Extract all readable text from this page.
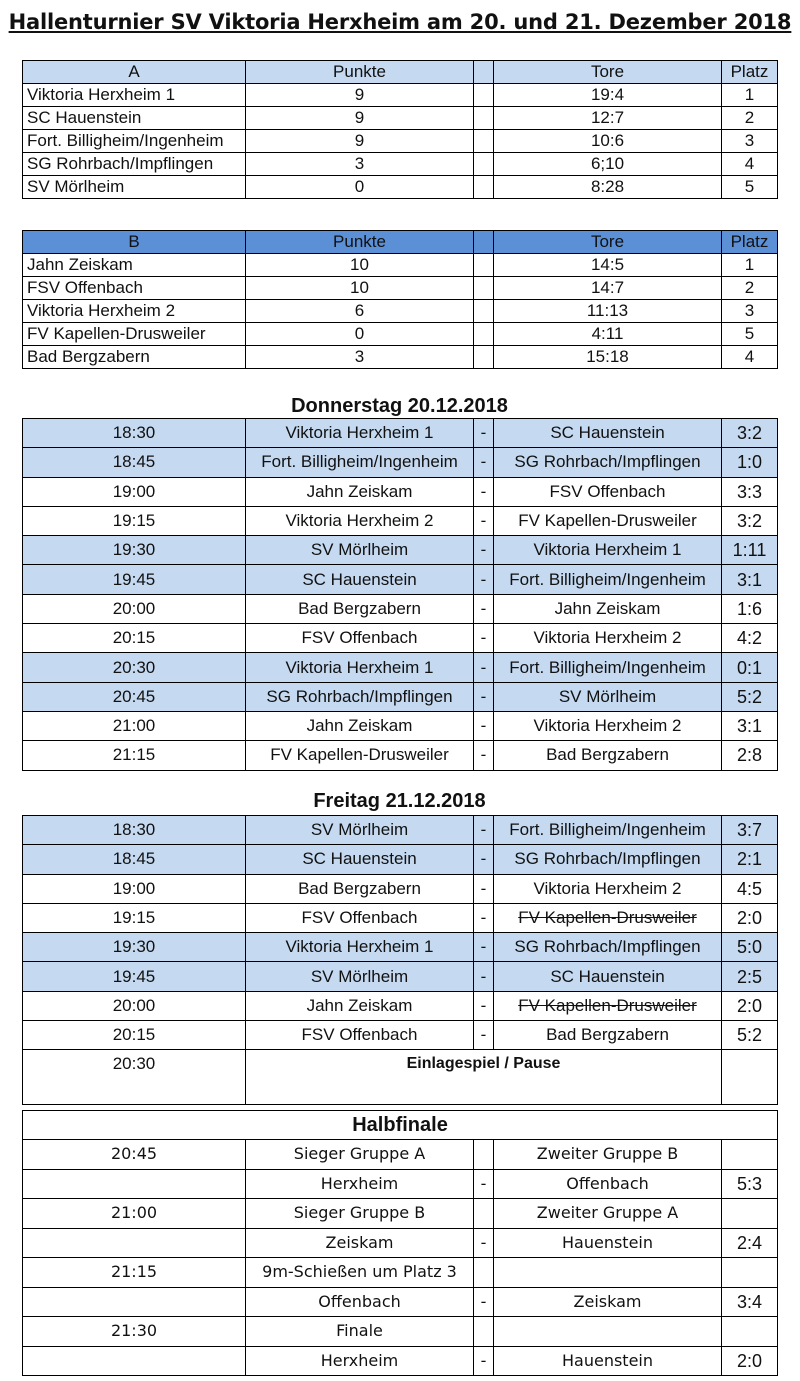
Hallenturnier SV Viktoria Herxheim am 20. und 21. Dezember 2018
A	Punkte		Tore	Platz
Viktoria Herxheim 1	9		19:4	1
SC Hauenstein	9		12:7	2
Fort. Billigheim/Ingenheim	9		10:6	3
SG Rohrbach/Impflingen	3		6;10	4
SV Mörlheim	0		8:28	5
B	Punkte		Tore	Platz
Jahn Zeiskam	10		14:5	1
FSV Offenbach	10		14:7	2
Viktoria Herxheim 2	6		11:13	3
FV Kapellen-Drusweiler	0		4:11	5
Bad Bergzabern	3		15:18	4
Donnerstag 20.12.2018
18:30	Viktoria Herxheim 1	-	SC Hauenstein	3:2
18:45	Fort. Billigheim/Ingenheim	-	SG Rohrbach/Impflingen	1:0
19:00	Jahn Zeiskam	-	FSV Offenbach	3:3
19:15	Viktoria Herxheim 2	-	FV Kapellen-Drusweiler	3:2
19:30	SV Mörlheim	-	Viktoria Herxheim 1	1:11
19:45	SC Hauenstein	-	Fort. Billigheim/Ingenheim	3:1
20:00	Bad Bergzabern	-	Jahn Zeiskam	1:6
20:15	FSV Offenbach	-	Viktoria Herxheim 2	4:2
20:30	Viktoria Herxheim 1	-	Fort. Billigheim/Ingenheim	0:1
20:45	SG Rohrbach/Impflingen	-	SV Mörlheim	5:2
21:00	Jahn Zeiskam	-	Viktoria Herxheim 2	3:1
21:15	FV Kapellen-Drusweiler	-	Bad Bergzabern	2:8
Freitag 21.12.2018
18:30	SV Mörlheim	-	Fort. Billigheim/Ingenheim	3:7
18:45	SC Hauenstein	-	SG Rohrbach/Impflingen	2:1
19:00	Bad Bergzabern	-	Viktoria Herxheim 2	4:5
19:15	FSV Offenbach	-	FV Kapellen-Drusweiler	2:0
19:30	Viktoria Herxheim 1	-	SG Rohrbach/Impflingen	5:0
19:45	SV Mörlheim	-	SC Hauenstein	2:5
20:00	Jahn Zeiskam	-	FV Kapellen-Drusweiler	2:0
20:15	FSV Offenbach	-	Bad Bergzabern	5:2
20:30	Einlagespiel / Pause			
Halbfinale				
20:45	Sieger Gruppe A		Zweiter Gruppe B	
	Herxheim	-	Offenbach	5:3
21:00	Sieger Gruppe B		Zweiter Gruppe A	
	Zeiskam	-	Hauenstein	2:4
21:15	9m-Schießen um Platz 3			
	Offenbach	-	Zeiskam	3:4
21:30	Finale			
	Herxheim	-	Hauenstein	2:0
